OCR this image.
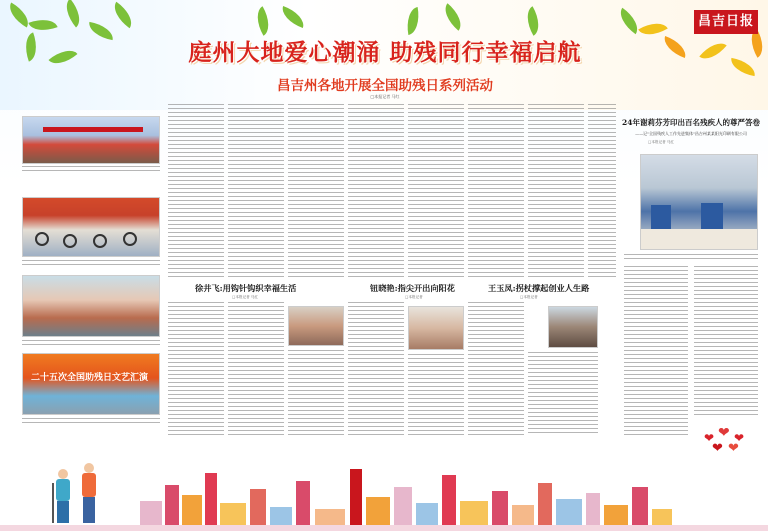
昌吉日报
庭州大地爱心潮涌 助残同行幸福启航
昌吉州各地开展全国助残日系列活动
□本报记者 马红
二十五次全国助残日文艺汇演
徐井飞:用钩针钩织幸福生活
□本报记者 马红
钮晓艳:指尖开出向阳花
□本报记者
王玉凤:拐杖撑起创业人生路
□本报记者
24年谢莉芬芳印出百名残疾人的尊严答卷
——记"全国残疾人工作先进集体"昌吉州某某阳光印刷有限公司
□本报记者 马红
❤ ❤ ❤
❤ ❤
